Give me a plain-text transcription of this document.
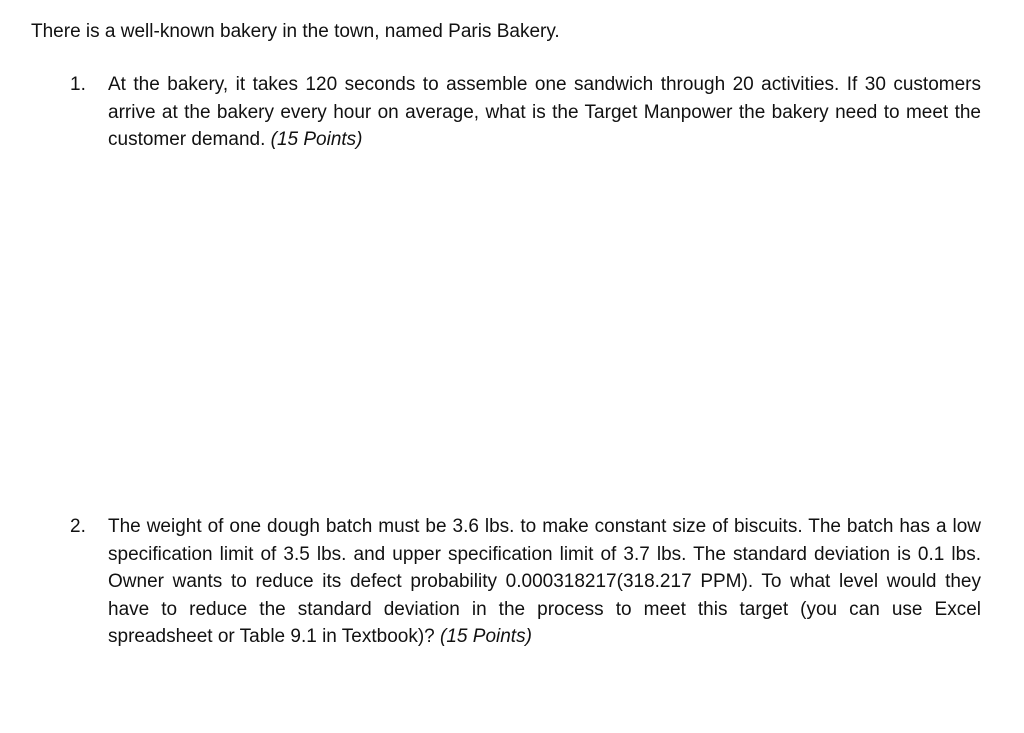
There is a well-known bakery in the town, named Paris Bakery.

1.	At the bakery, it takes 120 seconds to assemble one sandwich through 20 activities. If 30 customers arrive at the bakery every hour on average, what is the Target Manpower the bakery need to meet the customer demand. (15 Points)

2.	The weight of one dough batch must be 3.6 lbs. to make constant size of biscuits. The batch has a low specification limit of 3.5 lbs. and upper specification limit of 3.7 lbs. The standard deviation is 0.1 lbs. Owner wants to reduce its defect probability 0.000318217(318.217 PPM). To what level would they have to reduce the standard deviation in the process to meet this target (you can use Excel spreadsheet or Table 9.1 in Textbook)? (15 Points)
